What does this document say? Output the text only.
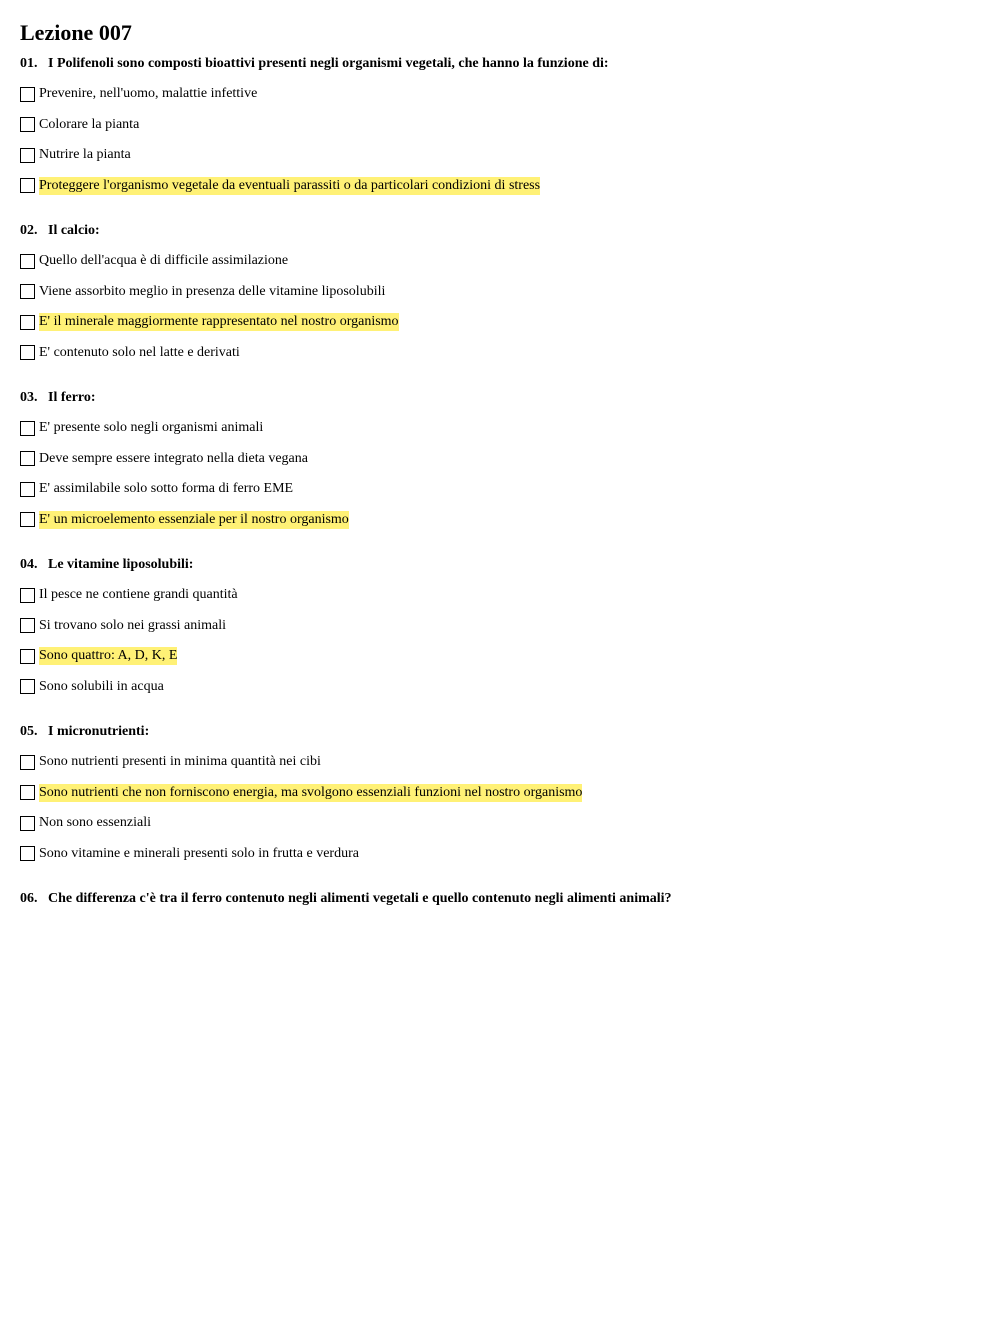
Lezione 007
01. I Polifenoli sono composti bioattivi presenti negli organismi vegetali, che hanno la funzione di:
Prevenire, nell'uomo, malattie infettive
Colorare la pianta
Nutrire la pianta
Proteggere l'organismo vegetale da eventuali parassiti o da particolari condizioni di stress
02. Il calcio:
Quello dell'acqua è di difficile assimilazione
Viene assorbito meglio in presenza delle vitamine liposolubili
E' il minerale maggiormente rappresentato nel nostro organismo
E' contenuto solo nel latte e derivati
03. Il ferro:
E' presente solo negli organismi animali
Deve sempre essere integrato nella dieta vegana
E' assimilabile solo sotto forma di ferro EME
E' un microelemento essenziale per il nostro organismo
04. Le vitamine liposolubili:
Il pesce ne contiene grandi quantità
Si trovano solo nei grassi animali
Sono quattro: A, D, K, E
Sono solubili in acqua
05. I micronutrienti:
Sono nutrienti presenti in minima quantità nei cibi
Sono nutrienti che non forniscono energia, ma svolgono essenziali funzioni nel nostro organismo
Non sono essenziali
Sono vitamine e minerali presenti solo in frutta e verdura
06. Che differenza c'è tra il ferro contenuto negli alimenti vegetali e quello contenuto negli alimenti animali?
